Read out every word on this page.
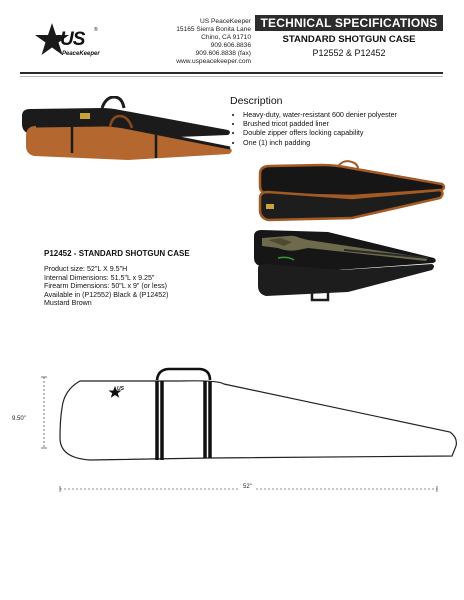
US ®
PeaceKeeper
US PeaceKeeper
15165 Sierra Bonita Lane
Chino, CA 91710
909.606.8836
909.606.8838 (fax)
www.uspeacekeeper.com
TECHNICAL SPECIFICATIONS
STANDARD SHOTGUN CASE
P12552 & P12452
Description
• Heavy-duty, water-resistant 600 denier polyester
• Brushed tricot padded liner
• Double zipper offers locking capability
• One (1) inch padding
P12452 - STANDARD SHOTGUN CASE
Product size: 52"L X 9.5"H
Internal Dimensions: 51.5"L x 9.25"
Firearm Dimensions: 50"L x 9" (or less)
Available in (P12552) Black & (P12452)
Mustard Brown
9.50"
52"
US
